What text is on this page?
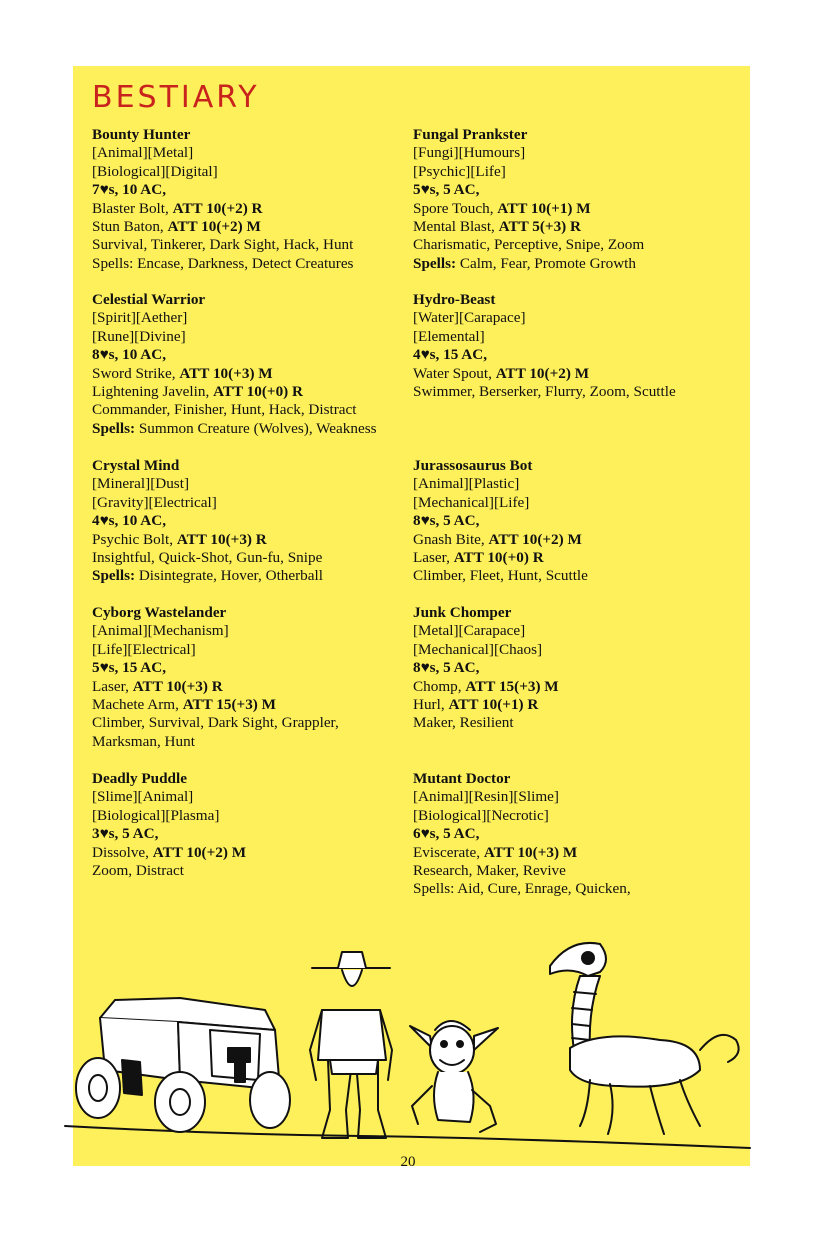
BESTIARY
Bounty Hunter
[Animal][Metal]
[Biological][Digital]
7♥s, 10 AC,
Blaster Bolt, ATT 10(+2) R
Stun Baton, ATT 10(+2) M
Survival, Tinkerer, Dark Sight, Hack, Hunt
Spells: Encase, Darkness, Detect Creatures
Celestial Warrior
[Spirit][Aether]
[Rune][Divine]
8♥s, 10 AC,
Sword Strike, ATT 10(+3) M
Lightening Javelin, ATT 10(+0) R
Commander, Finisher, Hunt, Hack, Distract
Spells: Summon Creature (Wolves), Weakness
Crystal Mind
[Mineral][Dust]
[Gravity][Electrical]
4♥s, 10 AC,
Psychic Bolt, ATT 10(+3) R
Insightful, Quick-Shot, Gun-fu, Snipe
Spells: Disintegrate, Hover, Otherball
Cyborg Wastelander
[Animal][Mechanism]
[Life][Electrical]
5♥s, 15 AC,
Laser, ATT 10(+3) R
Machete Arm, ATT 15(+3) M
Climber, Survival, Dark Sight, Grappler,
Marksman, Hunt
Deadly Puddle
[Slime][Animal]
[Biological][Plasma]
3♥s, 5 AC,
Dissolve, ATT 10(+2) M
Zoom, Distract
Fungal Prankster
[Fungi][Humours]
[Psychic][Life]
5♥s, 5 AC,
Spore Touch, ATT 10(+1) M
Mental Blast, ATT 5(+3) R
Charismatic, Perceptive, Snipe, Zoom
Spells: Calm, Fear, Promote Growth
Hydro-Beast
[Water][Carapace]
[Elemental]
4♥s, 15 AC,
Water Spout, ATT 10(+2) M
Swimmer, Berserker, Flurry, Zoom, Scuttle
Jurassosaurus Bot
[Animal][Plastic]
[Mechanical][Life]
8♥s, 5 AC,
Gnash Bite, ATT 10(+2) M
Laser, ATT 10(+0) R
Climber, Fleet, Hunt, Scuttle
Junk Chomper
[Metal][Carapace]
[Mechanical][Chaos]
8♥s, 5 AC,
Chomp, ATT 15(+3) M
Hurl, ATT 10(+1) R
Maker, Resilient
Mutant Doctor
[Animal][Resin][Slime]
[Biological][Necrotic]
6♥s, 5 AC,
Eviscerate, ATT 10(+3) M
Research, Maker, Revive
Spells: Aid, Cure, Enrage, Quicken,
20
